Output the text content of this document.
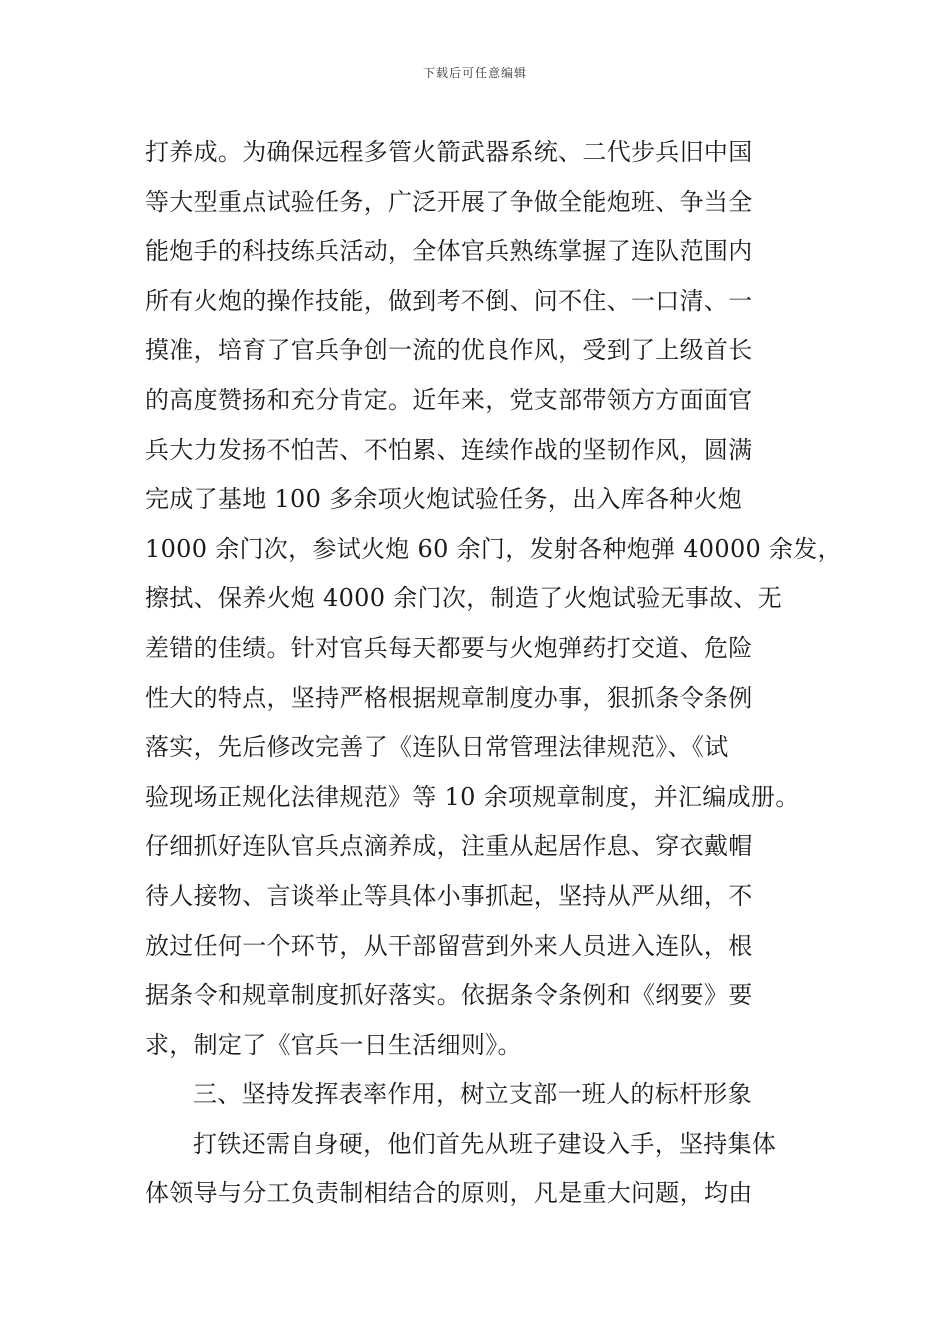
下载后可任意编辑
打养成。为确保远程多管火箭武器系统、二代步兵旧中国
等大型重点试验任务，广泛开展了争做全能炮班、争当全
能炮手的科技练兵活动，全体官兵熟练掌握了连队范围内
所有火炮的操作技能，做到考不倒、问不住、一口清、一
摸准，培育了官兵争创一流的优良作风，受到了上级首长
的高度赞扬和充分肯定。近年来，党支部带领方方面面官
兵大力发扬不怕苦、不怕累、连续作战的坚韧作风，圆满
完成了基地 100 多余项火炮试验任务，出入库各种火炮
1000 余门次，参试火炮 60 余门，发射各种炮弹 40000 余发，
擦拭、保养火炮 4000 余门次，制造了火炮试验无事故、无
差错的佳绩。针对官兵每天都要与火炮弹药打交道、危险
性大的特点，坚持严格根据规章制度办事，狠抓条令条例
落实，先后修改完善了《连队日常管理法律规范》、《试
验现场正规化法律规范》等 10 余项规章制度，并汇编成册。
仔细抓好连队官兵点滴养成，注重从起居作息、穿衣戴帽
待人接物、言谈举止等具体小事抓起，坚持从严从细，不
放过任何一个环节，从干部留营到外来人员进入连队，根
据条令和规章制度抓好落实。依据条令条例和《纲要》要
求，制定了《官兵一日生活细则》。
三、坚持发挥表率作用，树立支部一班人的标杆形象
打铁还需自身硬，他们首先从班子建设入手，坚持集体
体领导与分工负责制相结合的原则，凡是重大问题，均由
